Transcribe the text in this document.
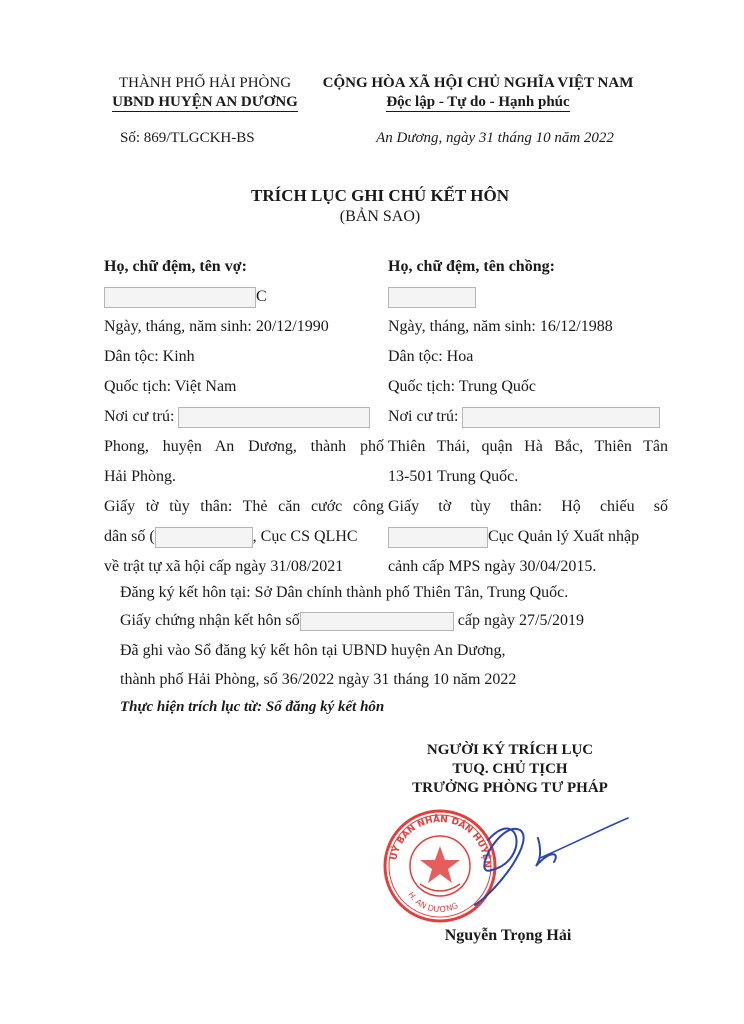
THÀNH PHỐ HẢI PHÒNG
UBND HUYỆN AN DƯƠNG
CỘNG HÒA XÃ HỘI CHỦ NGHĨA VIỆT NAM
Độc lập - Tự do - Hạnh phúc
Số: 869/TLGCKH-BS	An Dương, ngày 31 tháng 10 năm 2022
TRÍCH LỤC GHI CHÚ KẾT HÔN
(BẢN SAO)
Họ, chữ đệm, tên vợ:
C
Ngày, tháng, năm sinh: 20/12/1990
Dân tộc: Kinh
Quốc tịch: Việt Nam
Nơi cư trú:
Phong, huyện An Dương, thành phố
Hải Phòng.
Giấy tờ tùy thân: Thẻ căn cước công
dân số (	, Cục CS QLHC
về trật tự xã hội cấp ngày 31/08/2021
Họ, chữ đệm, tên chồng:
Ngày, tháng, năm sinh: 16/12/1988
Dân tộc: Hoa
Quốc tịch: Trung Quốc
Nơi cư trú:
Thiên Thái, quận Hà Bắc, Thiên Tân
13-501 Trung Quốc.
Giấy tờ tùy thân: Hộ chiếu số
Cục Quản lý Xuất nhập
cảnh cấp MPS ngày 30/04/2015.
Đăng ký kết hôn tại: Sở Dân chính thành phố Thiên Tân, Trung Quốc.
Giấy chứng nhận kết hôn số	cấp ngày 27/5/2019
Đã ghi vào Sổ đăng ký kết hôn tại UBND huyện An Dương,
thành phố Hải Phòng, số 36/2022 ngày 31 tháng 10 năm 2022
Thực hiện trích lục từ: Sổ đăng ký kết hôn
NGƯỜI KÝ TRÍCH LỤC
TUQ. CHỦ TỊCH
TRƯỞNG PHÒNG TƯ PHÁP
UỶ BAN NHÂN DÂN HUYỆN
H. AN DƯƠNG
Nguyễn Trọng Hải
